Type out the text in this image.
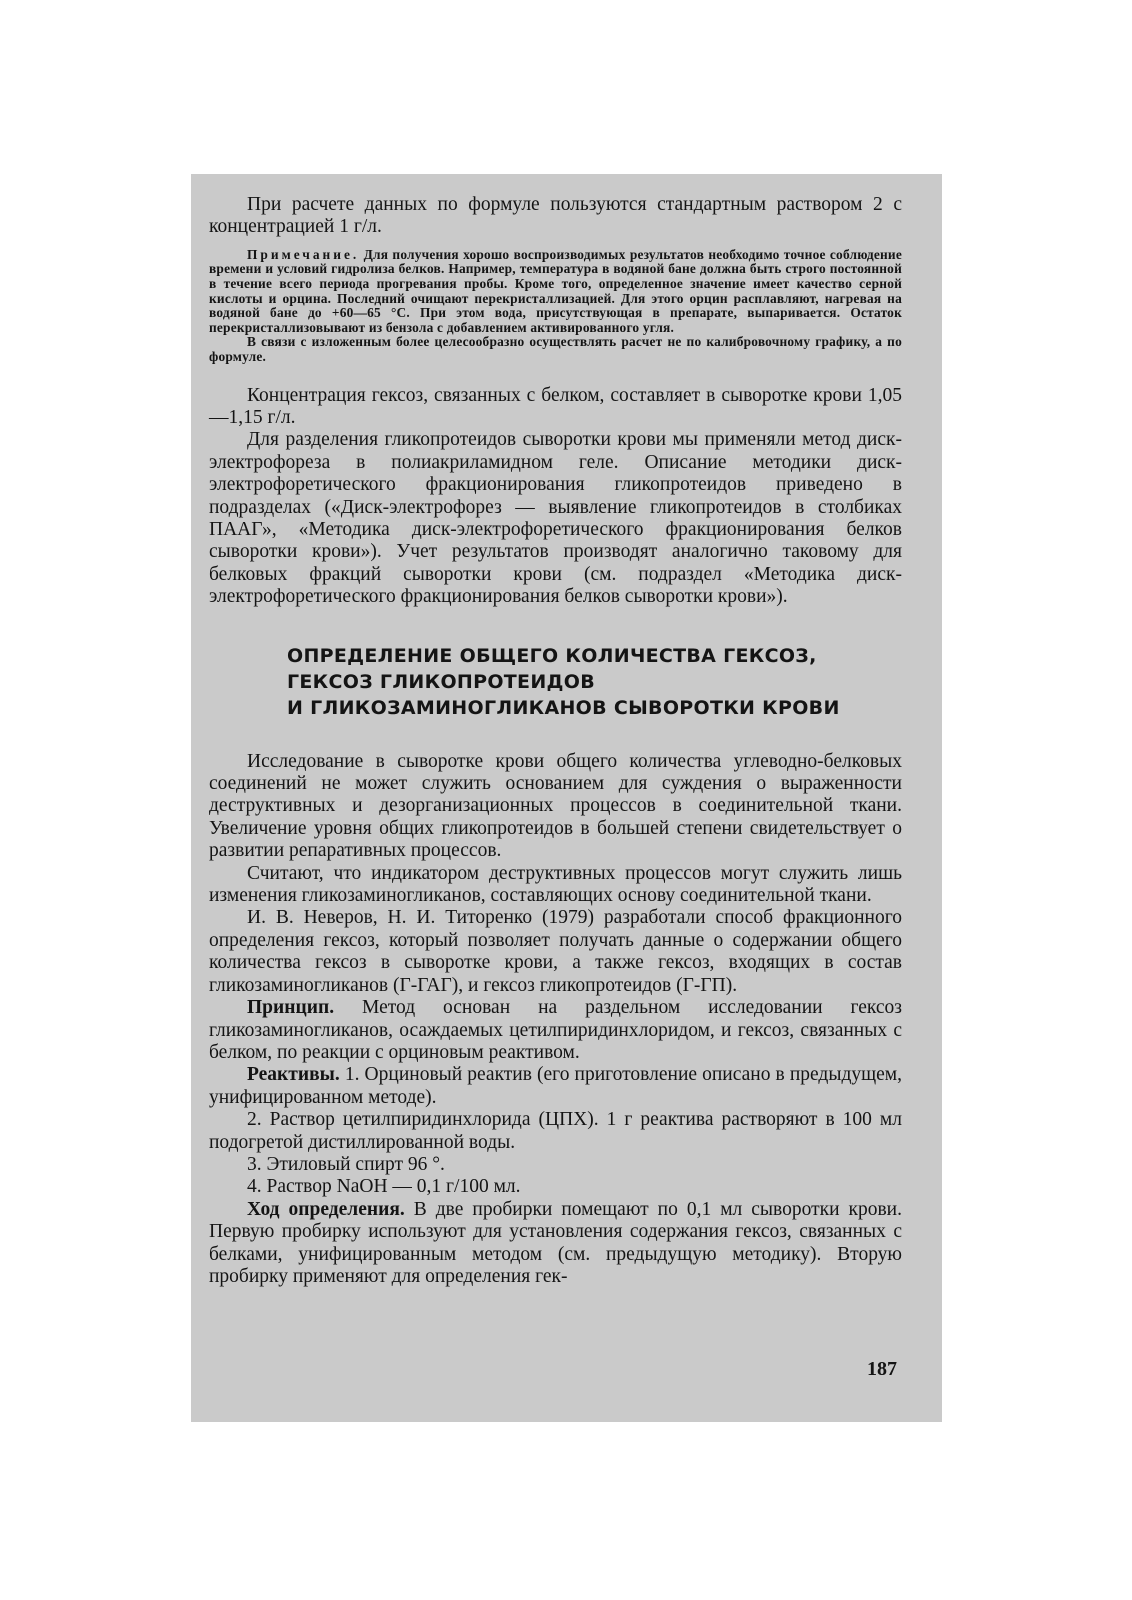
При расчете данных по формуле пользуются стандартным раствором 2 с концентрацией 1 г/л.

Примечание. Для получения хорошо воспроизводимых результатов необходимо точное соблюдение времени и условий гидролиза белков. Например, температура в водяной бане должна быть строго постоянной в течение всего периода прогревания пробы. Кроме того, определенное значение имеет качество серной кислоты и орцина. Последний очищают перекристаллизацией. Для этого орцин расплавляют, нагревая на водяной бане до +60—65 °С. При этом вода, присутствующая в препарате, выпаривается. Остаток перекристаллизовывают из бензола с добавлением активированного угля.

В связи с изложенным более целесообразно осуществлять расчет не по калибровочному графику, а по формуле.

Концентрация гексоз, связанных с белком, составляет в сыворотке крови 1,05—1,15 г/л.

Для разделения гликопротеидов сыворотки крови мы применяли метод диск-электрофореза в полиакриламидном геле. Описание методики диск-электрофоретического фракционирования гликопротеидов приведено в подразделах («Диск-электрофорез — выявление гликопротеидов в столбиках ПААГ», «Методика диск-электрофоретического фракционирования белков сыворотки крови»). Учет результатов производят аналогично таковому для белковых фракций сыворотки крови (см. подраздел «Методика диск-электрофоретического фракционирования белков сыворотки крови»).

ОПРЕДЕЛЕНИЕ ОБЩЕГО КОЛИЧЕСТВА ГЕКСОЗ,

ГЕКСОЗ ГЛИКОПРОТЕИДОВ

И ГЛИКОЗАМИНОГЛИКАНОВ СЫВОРОТКИ КРОВИ

Исследование в сыворотке крови общего количества углеводно-белковых соединений не может служить основанием для суждения о выраженности деструктивных и дезорганизационных процессов в соединительной ткани. Увеличение уровня общих гликопротеидов в большей степени свидетельствует о развитии репаративных процессов.

Считают, что индикатором деструктивных процессов могут служить лишь изменения гликозаминогликанов, составляющих основу соединительной ткани.

И. В. Неверов, Н. И. Титоренко (1979) разработали способ фракционного определения гексоз, который позволяет получать данные о содержании общего количества гексоз в сыворотке крови, а также гексоз, входящих в состав гликозаминогликанов (Г-ГАГ), и гексоз гликопротеидов (Г-ГП).

Принцип. Метод основан на раздельном исследовании гексоз гликозаминогликанов, осаждаемых цетилпиридинхлоридом, и гексоз, связанных с белком, по реакции с орциновым реактивом.

Реактивы. 1. Орциновый реактив (его приготовление описано в предыдущем, унифицированном методе).

2. Раствор цетилпиридинхлорида (ЦПХ). 1 г реактива растворяют в 100 мл подогретой дистиллированной воды.

3. Этиловый спирт 96 °.

4. Раствор NaOH — 0,1 г/100 мл.

Ход определения. В две пробирки помещают по 0,1 мл сыворотки крови. Первую пробирку используют для установления содержания гексоз, связанных с белками, унифицированным методом (см. предыдущую методику). Вторую пробирку применяют для определения гек-

187
